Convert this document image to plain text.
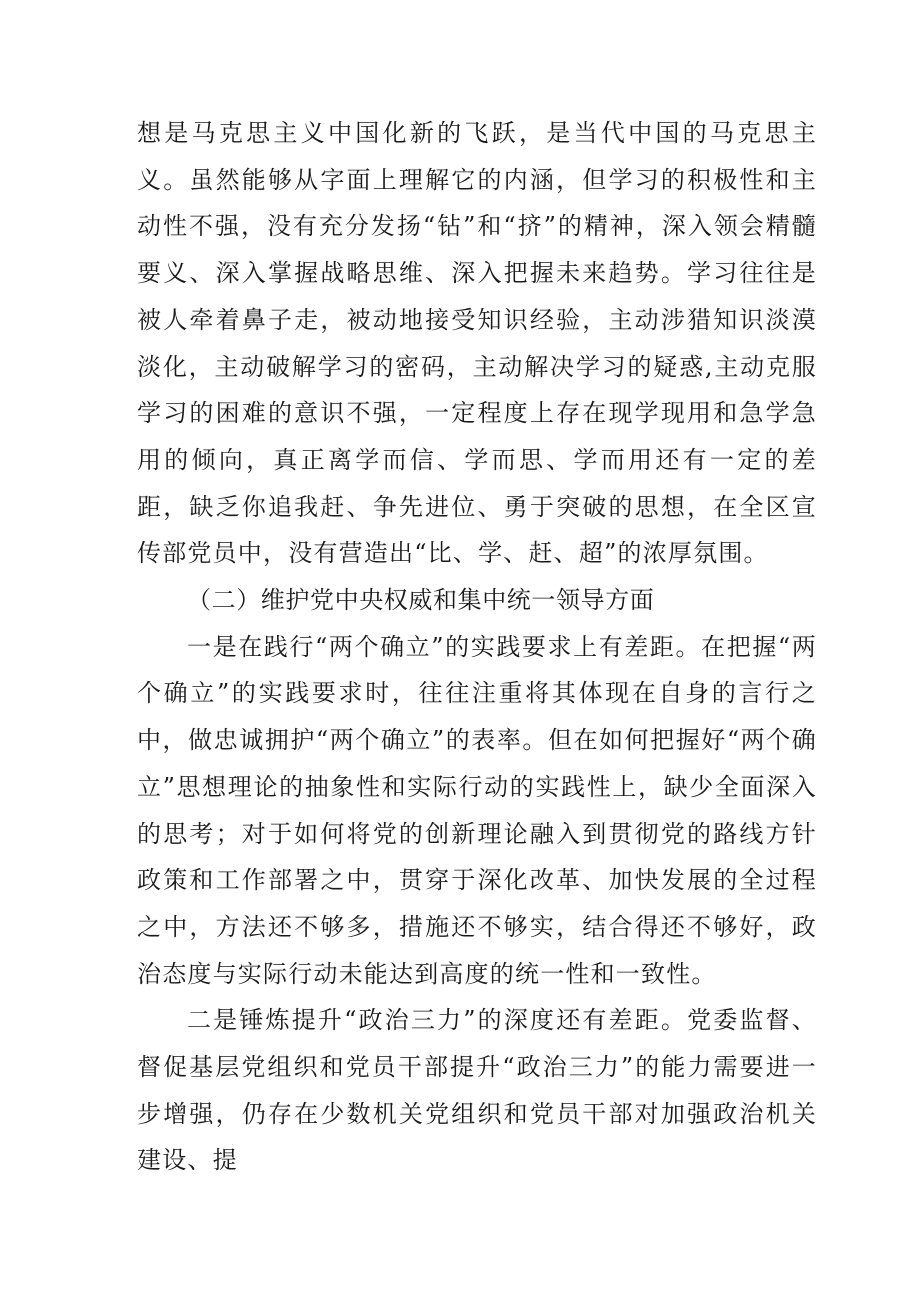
想是马克思主义中国化新的飞跃，是当代中国的马克思主义。虽然能够从字面上理解它的内涵，但学习的积极性和主动性不强，没有充分发扬“钻”和“挤”的精神，深入领会精髓要义、深入掌握战略思维、深入把握未来趋势。学习往往是被人牵着鼻子走，被动地接受知识经验，主动涉猎知识淡漠淡化，主动破解学习的密码，主动解决学习的疑惑,主动克服学习的困难的意识不强，一定程度上存在现学现用和急学急用的倾向，真正离学而信、学而思、学而用还有一定的差距，缺乏你追我赶、争先进位、勇于突破的思想，在全区宣传部党员中，没有营造出“比、学、赶、超”的浓厚氛围。

（二）维护党中央权威和集中统一领导方面

一是在践行“两个确立”的实践要求上有差距。在把握“两个确立”的实践要求时，往往注重将其体现在自身的言行之中，做忠诚拥护“两个确立”的表率。但在如何把握好“两个确立”思想理论的抽象性和实际行动的实践性上，缺少全面深入的思考；对于如何将党的创新理论融入到贯彻党的路线方针政策和工作部署之中，贯穿于深化改革、加快发展的全过程之中，方法还不够多，措施还不够实，结合得还不够好，政治态度与实际行动未能达到高度的统一性和一致性。

二是锤炼提升“政治三力”的深度还有差距。党委监督、督促基层党组织和党员干部提升“政治三力”的能力需要进一步增强，仍存在少数机关党组织和党员干部对加强政治机关建设、提
